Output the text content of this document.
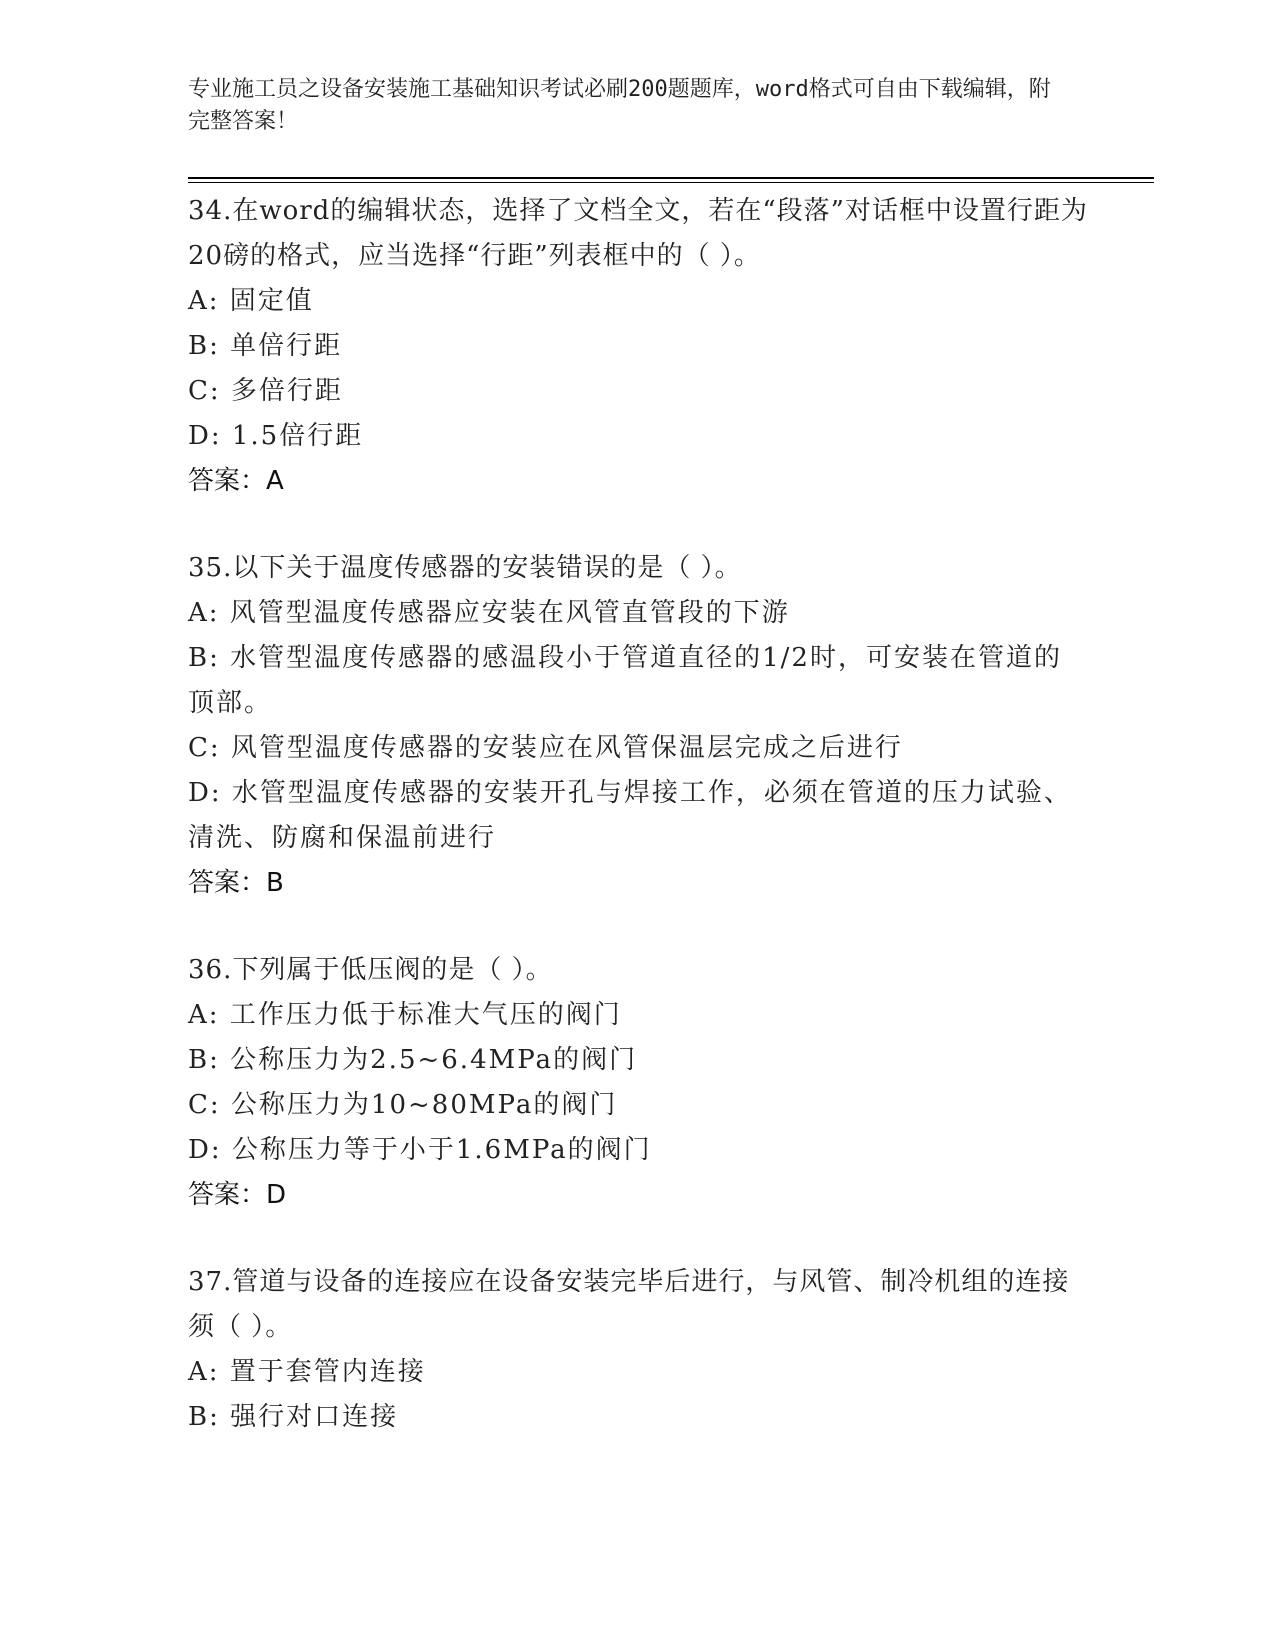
专业施工员之设备安装施工基础知识考试必刷200题题库，word格式可自由下载编辑，附完整答案！
34.在word的编辑状态，选择了文档全文，若在“段落”对话框中设置行距为20磅的格式，应当选择“行距”列表框中的（ ）。
A: 固定值
B: 单倍行距
C: 多倍行距
D: 1.5倍行距
答案：A
35.以下关于温度传感器的安装错误的是（ ）。
A: 风管型温度传感器应安装在风管直管段的下游
B: 水管型温度传感器的感温段小于管道直径的1/2时，可安装在管道的顶部。
C: 风管型温度传感器的安装应在风管保温层完成之后进行
D: 水管型温度传感器的安装开孔与焊接工作，必须在管道的压力试验、清洗、防腐和保温前进行
答案：B
36.下列属于低压阀的是（ ）。
A: 工作压力低于标准大气压的阀门
B: 公称压力为2.5~6.4MPa的阀门
C: 公称压力为10~80MPa的阀门
D: 公称压力等于小于1.6MPa的阀门
答案：D
37.管道与设备的连接应在设备安装完毕后进行，与风管、制冷机组的连接须（ ）。
A: 置于套管内连接
B: 强行对口连接
